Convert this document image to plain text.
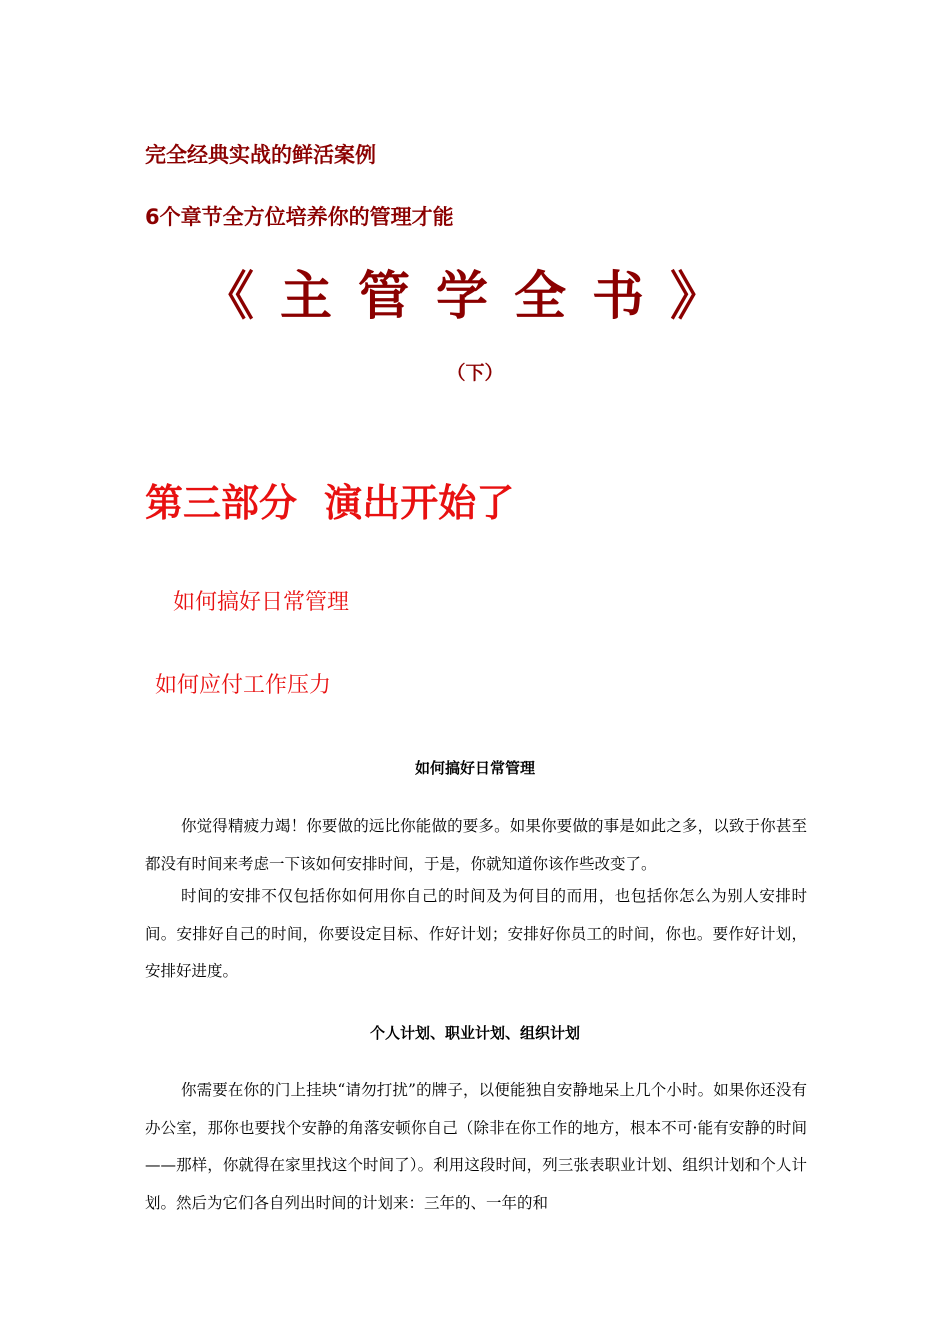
完全经典实战的鲜活案例

6个章节全方位培养你的管理才能

《主管学全书》

（下）

第三部分 演出开始了

如何搞好日常管理

如何应付工作压力

如何搞好日常管理

你觉得精疲力竭！你要做的远比你能做的要多。如果你要做的事是如此之多，以致于你甚至都没有时间来考虑一下该如何安排时间，于是，你就知道你该作些改变了。

时间的安排不仅包括你如何用你自己的时间及为何目的而用，也包括你怎么为别人安排时间。安排好自己的时间，你要设定目标、作好计划；安排好你员工的时间，你也。要作好计划，安排好进度。

个人计划、职业计划、组织计划

你需要在你的门上挂块“请勿打扰”的牌子，以便能独自安静地呆上几个小时。如果你还没有办公室，那你也要找个安静的角落安顿你自己（除非在你工作的地方，根本不可·能有安静的时间——那样，你就得在家里找这个时间了）。利用这段时间，列三张表职业计划、组织计划和个人计划。然后为它们各自列出时间的计划来：三年的、一年的和
